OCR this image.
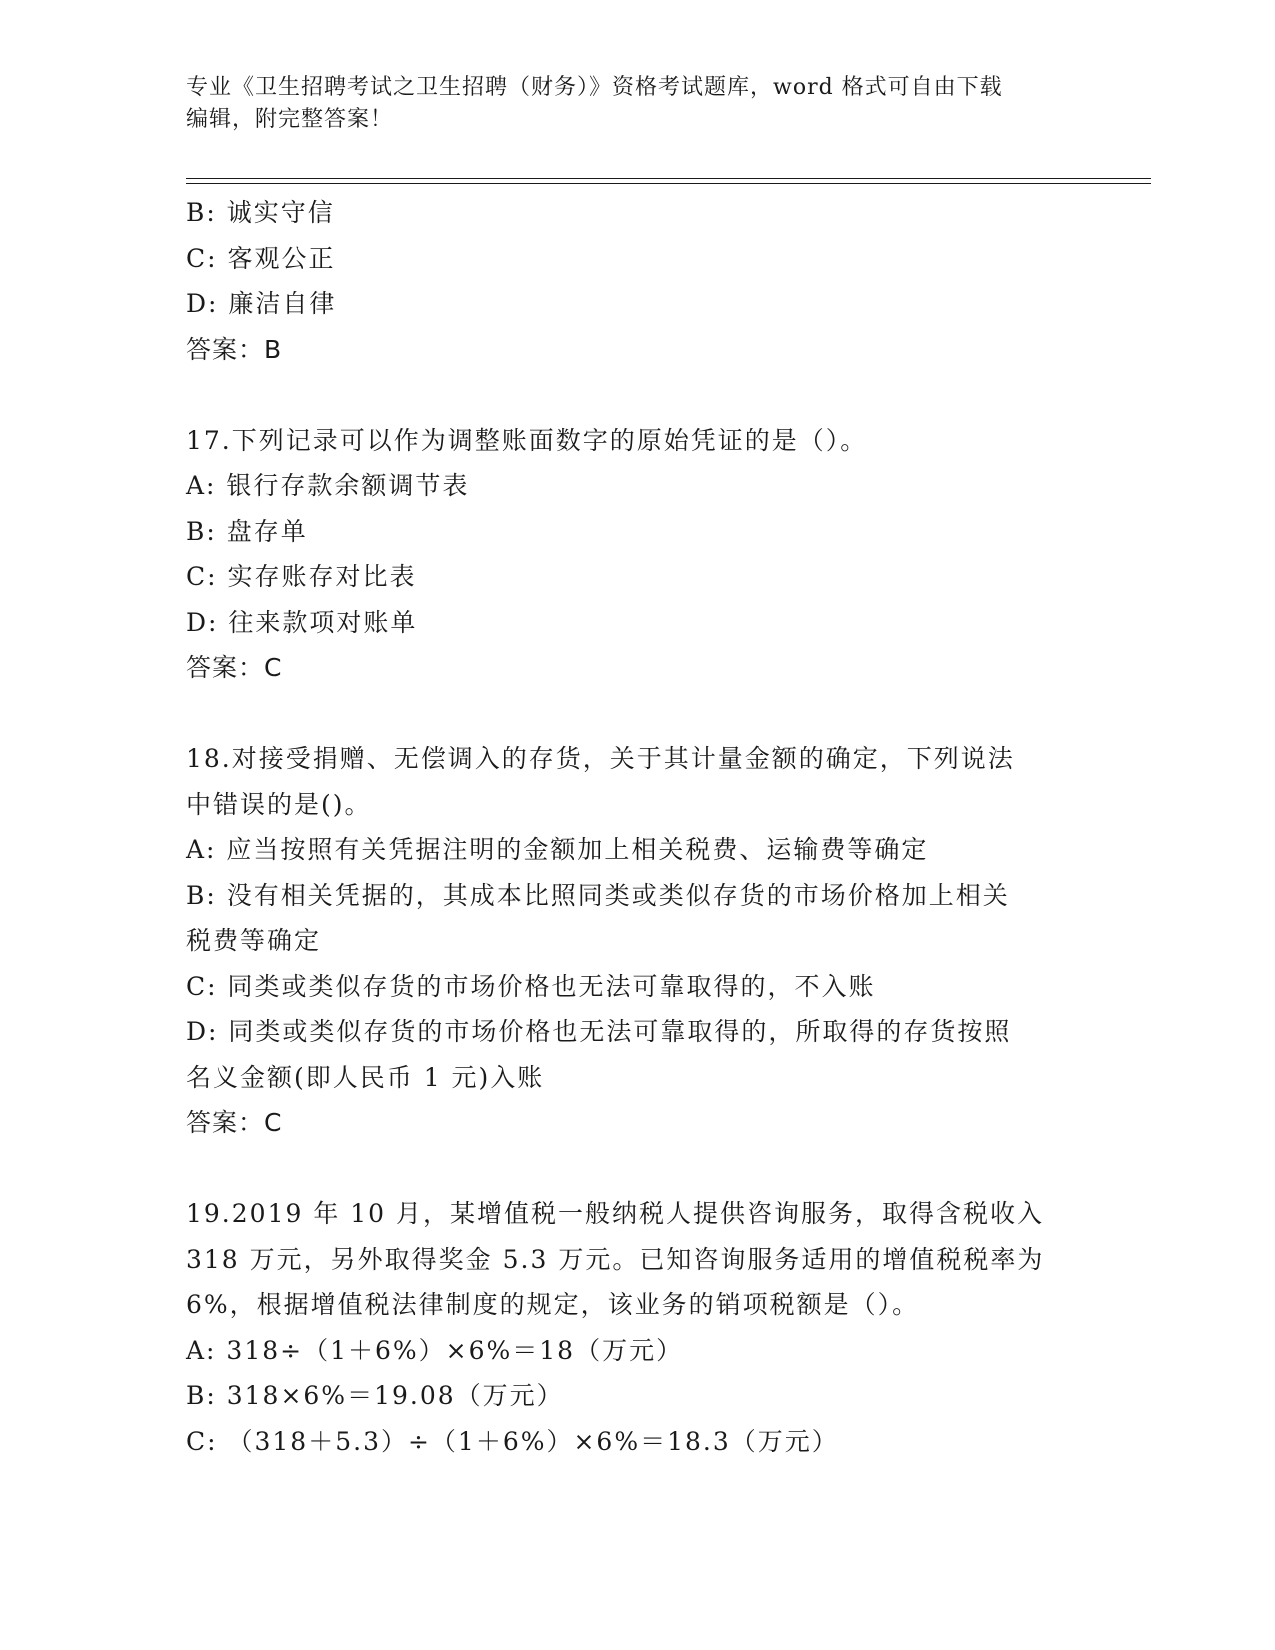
专业《卫生招聘考试之卫生招聘（财务）》资格考试题库，word 格式可自由下载
编辑，附完整答案！
B: 诚实守信
C: 客观公正
D: 廉洁自律
答案：B
17.下列记录可以作为调整账面数字的原始凭证的是（）。
A: 银行存款余额调节表
B: 盘存单
C: 实存账存对比表
D: 往来款项对账单
答案：C
18.对接受捐赠、无偿调入的存货，关于其计量金额的确定，下列说法
中错误的是()。
A: 应当按照有关凭据注明的金额加上相关税费、运输费等确定
B: 没有相关凭据的，其成本比照同类或类似存货的市场价格加上相关
税费等确定
C: 同类或类似存货的市场价格也无法可靠取得的，不入账
D: 同类或类似存货的市场价格也无法可靠取得的，所取得的存货按照
名义金额(即人民币 1 元)入账
答案：C
19.2019 年 10 月，某增值税一般纳税人提供咨询服务，取得含税收入
318 万元，另外取得奖金 5.3 万元。已知咨询服务适用的增值税税率为
6%，根据增值税法律制度的规定，该业务的销项税额是（）。
A: 318÷（1＋6%）×6%＝18（万元）
B: 318×6%＝19.08（万元）
C: （318＋5.3）÷（1＋6%）×6%＝18.3（万元）
